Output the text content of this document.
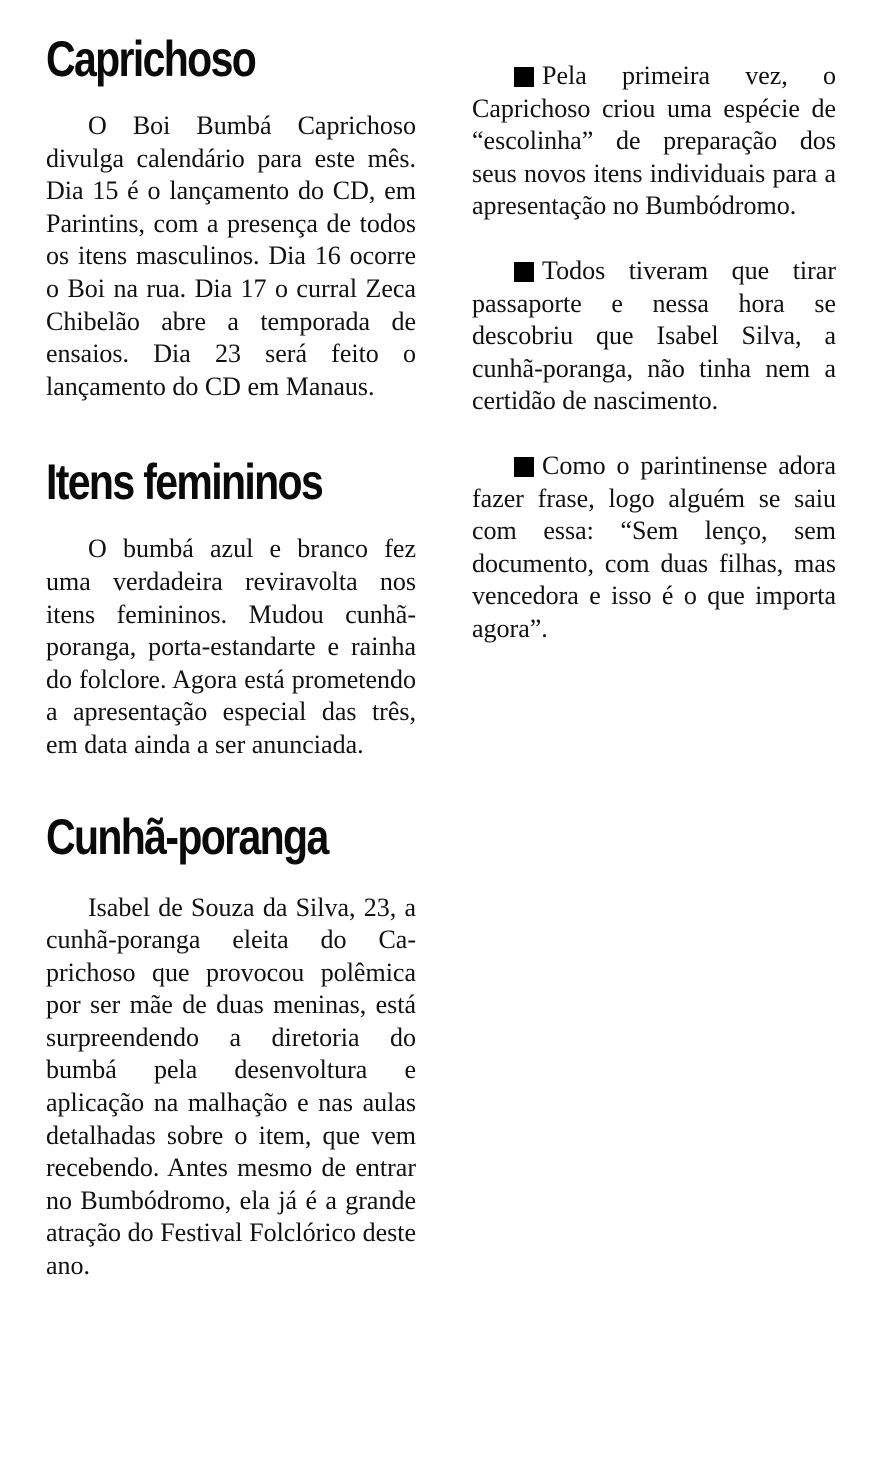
Caprichoso

O Boi Bumbá Caprichoso divulga calendário para este mês. Dia 15 é o lançamento do CD, em Parintins, com a presença de todos os itens masculinos. Dia 16 ocorre o Boi na rua. Dia 17 o curral Zeca Chibelão abre a temporada de ensaios. Dia 23 será feito o lançamento do CD em Manaus.

Itens femininos

O bumbá azul e branco fez uma verdadeira reviravolta nos itens femininos. Mudou cunhã-poranga, porta-estandarte e rainha do folclore. Agora está prometendo a apresentação especial das três, em data ainda a ser anunciada.

Cunhã-poranga

Isabel de Souza da Silva, 23, a cunhã-poranga eleita do Caprichoso que provocou polêmica por ser mãe de duas meninas, está surpreendendo a diretoria do bumbá pela desenvoltura e aplicação na malhação e nas aulas detalhadas sobre o item, que vem recebendo. Antes mesmo de entrar no Bumbódromo, ela já é a grande atração do Festival Folclórico deste ano.

Pela primeira vez, o Caprichoso criou uma espécie de “escolinha” de preparação dos seus novos itens individuais para a apresentação no Bumbódromo.

Todos tiveram que tirar passaporte e nessa hora se descobriu que Isabel Silva, a cunhã-poranga, não tinha nem a certidão de nascimento.

Como o parintinense adora fazer frase, logo alguém se saiu com essa: “Sem lenço, sem documento, com duas filhas, mas vencedora e isso é o que importa agora”.
